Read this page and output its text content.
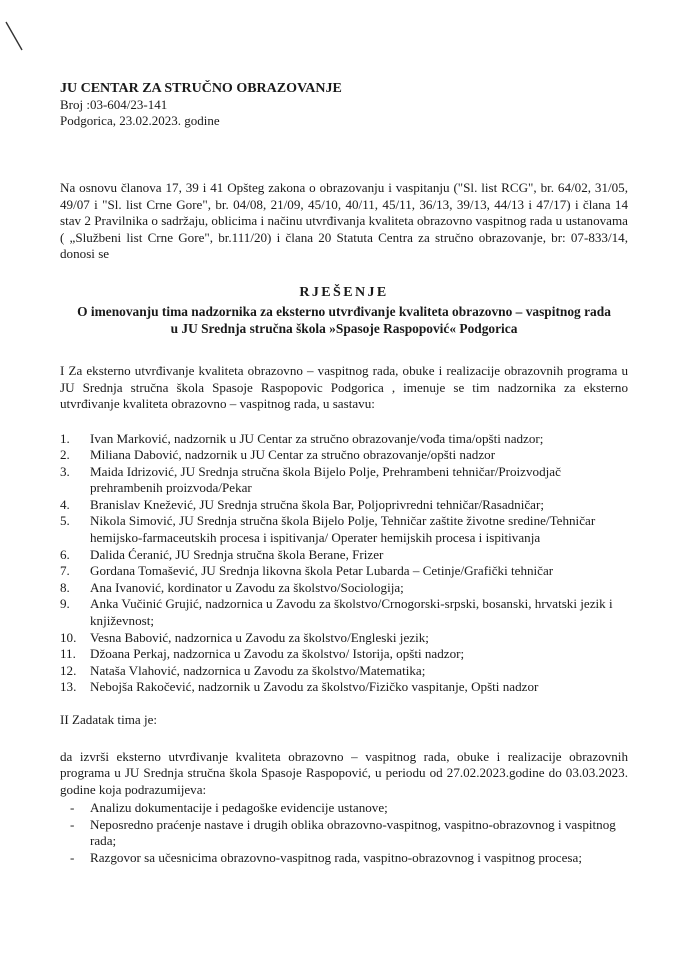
JU CENTAR ZA STRUČNO OBRAZOVANJE
Broj :03-604/23-141
Podgorica, 23.02.2023. godine
Na osnovu članova 17, 39 i 41 Opšteg zakona o obrazovanju i vaspitanju ("Sl. list RCG", br. 64/02, 31/05, 49/07 i "Sl. list Crne Gore", br. 04/08, 21/09, 45/10, 40/11, 45/11, 36/13, 39/13, 44/13 i 47/17) i člana 14 stav 2 Pravilnika o sadržaju, oblicima i načinu utvrđivanja kvaliteta obrazovno vaspitnog rada u ustanovama ( „Službeni list Crne Gore", br.111/20) i člana 20 Statuta Centra za stručno obrazovanje, br: 07-833/14, donosi se
RJEŠENJE
O imenovanju tima nadzornika za eksterno utvrđivanje kvaliteta obrazovno – vaspitnog rada
u JU Srednja stručna škola »Spasoje Raspopović« Podgorica
I Za eksterno utvrđivanje kvaliteta obrazovno – vaspitnog rada, obuke i realizacije obrazovnih programa u JU Srednja stručna škola Spasoje Raspopovic Podgorica , imenuje se tim nadzornika za eksterno utvrđivanje kvaliteta obrazovno – vaspitnog rada, u sastavu:
1. Ivan Marković, nadzornik u JU Centar za stručno obrazovanje/vođa tima/opšti nadzor;
2. Miliana Dabović, nadzornik u JU Centar za stručno obrazovanje/opšti nadzor
3. Maida Idrizović, JU Srednja stručna škola Bijelo Polje, Prehrambeni tehničar/Proizvodjač prehrambenih proizvoda/Pekar
4. Branislav Knežević, JU Srednja stručna škola Bar, Poljoprivredni tehničar/Rasadničar;
5. Nikola Simović, JU Srednja stručna škola Bijelo Polje, Tehničar zaštite životne sredine/Tehničar hemijsko-farmaceutskih procesa i ispitivanja/ Operater hemijskih procesa i ispitivanja
6. Dalida Ćeranić, JU Srednja stručna škola Berane, Frizer
7. Gordana Tomašević, JU Srednja likovna škola Petar Lubarda – Cetinje/Grafički tehničar
8. Ana Ivanović, kordinator u Zavodu za školstvo/Sociologija;
9. Anka Vučinić Grujić, nadzornica u Zavodu za školstvo/Crnogorski-srpski, bosanski, hrvatski jezik i književnost;
10. Vesna Babović, nadzornica u Zavodu za školstvo/Engleski jezik;
11. Džoana Perkaj, nadzornica u Zavodu za školstvo/ Istorija, opšti nadzor;
12. Nataša Vlahović, nadzornica u Zavodu za školstvo/Matematika;
13. Nebojša Rakočević, nadzornik u Zavodu za školstvo/Fizičko vaspitanje, Opšti nadzor
II Zadatak tima je:
da izvrši eksterno utvrđivanje kvaliteta obrazovno – vaspitnog rada, obuke i realizacije obrazovnih programa u JU Srednja stručna škola Spasoje Raspopović, u periodu od 27.02.2023.godine do 03.03.2023. godine koja podrazumijeva:
- Analizu dokumentacije i pedagoške evidencije ustanove;
- Neposredno praćenje nastave i drugih oblika obrazovno-vaspitnog, vaspitno-obrazovnog i vaspitnog rada;
- Razgovor sa učesnicima obrazovno-vaspitnog rada, vaspitno-obrazovnog i vaspitnog procesa;
